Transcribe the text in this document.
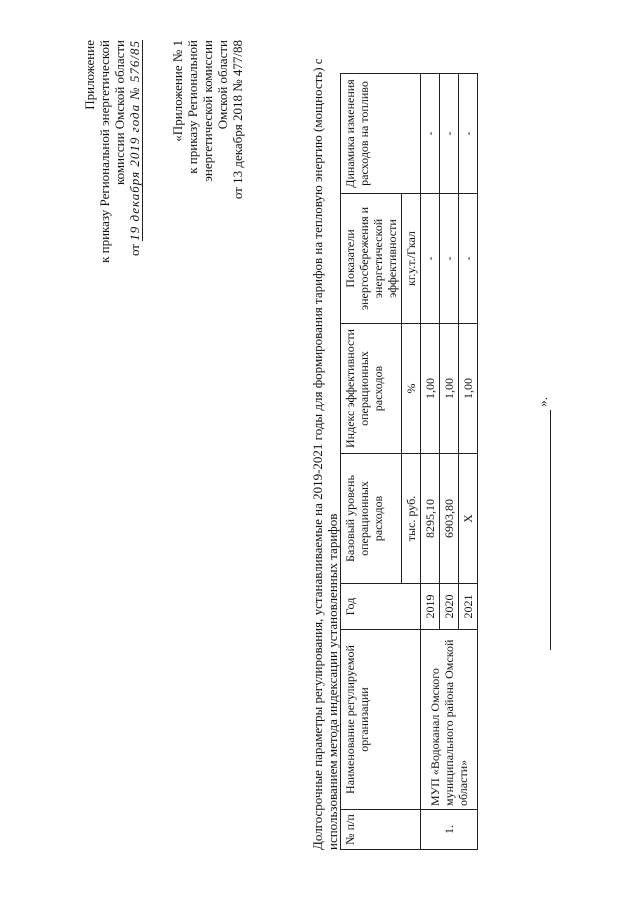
Приложение к приказу Региональной энергетической комиссии Омской области
от 19 декабря 2019 года № 576/85 «Приложение № 1 к приказу Региональной энергетической комиссии Омской области от 13 декабря 2018 № 477/88	Долгосрочные параметры регулирования, устанавливаемые на 2019-2021 годы для формирования тарифов на тепловую энергию (мощность) с использованием метода индексации установленных тарифов № п/п	Наименование регулируемой организации	Год	Базовый уровень операционных расходов	Индекс эффективности операционных расходов	Показатели энергосбережения и энергетической эффективности	Динамика изменения расходов на топливо
			тыс. руб.	%	кг.у.т./Гкал	
1.	МУП «Водоканал Омского муниципального района Омской области»	2019	8295,10	1,00	-	-
		2020	6903,80	1,00	-	-
		2021	Х	1,00	-	-
».
